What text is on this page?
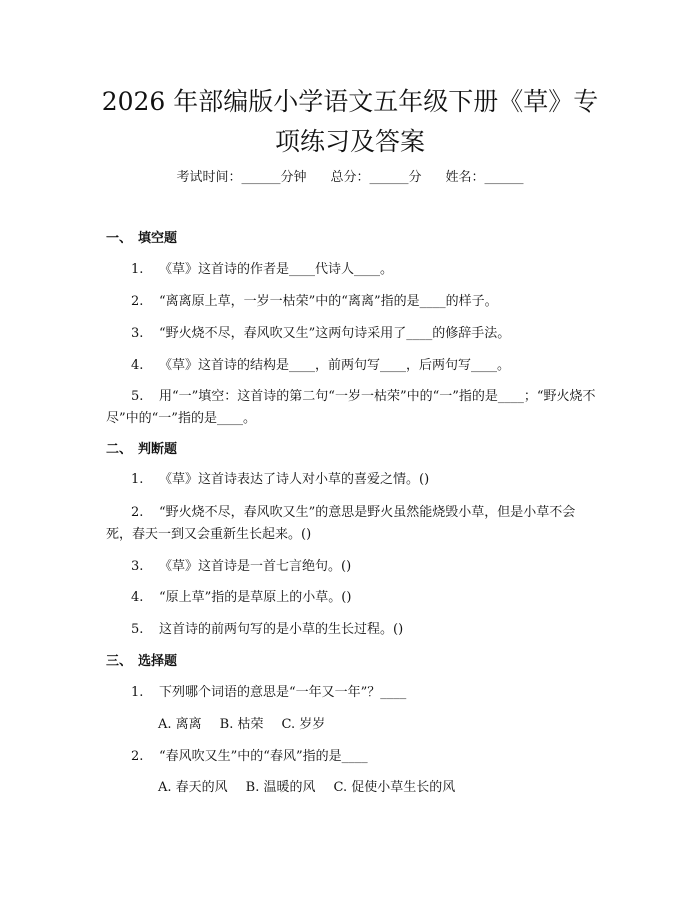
2026 年部编版小学语文五年级下册《草》专
项练习及答案
考试时间：______分钟 总分：______分 姓名：______
一、 填空题
1. 《草》这首诗的作者是____代诗人____。
2. “离离原上草，一岁一枯荣”中的“离离”指的是____的样子。
3. “野火烧不尽，春风吹又生”这两句诗采用了____的修辞手法。
4. 《草》这首诗的结构是____，前两句写____，后两句写____。
5. 用“一”填空：这首诗的第二句“一岁一枯荣”中的“一”指的是____；“野火烧不尽”中的“一”指的是____。
二、 判断题
1. 《草》这首诗表达了诗人对小草的喜爱之情。()
2. “野火烧不尽，春风吹又生”的意思是野火虽然能烧毁小草，但是小草不会死，春天一到又会重新生长起来。()
3. 《草》这首诗是一首七言绝句。()
4. “原上草”指的是草原上的小草。()
5. 这首诗的前两句写的是小草的生长过程。()
三、 选择题
1. 下列哪个词语的意思是“一年又一年”？____
A. 离离 B. 枯荣 C. 岁岁
2. “春风吹又生”中的“春风”指的是____
A. 春天的风 B. 温暖的风 C. 促使小草生长的风
